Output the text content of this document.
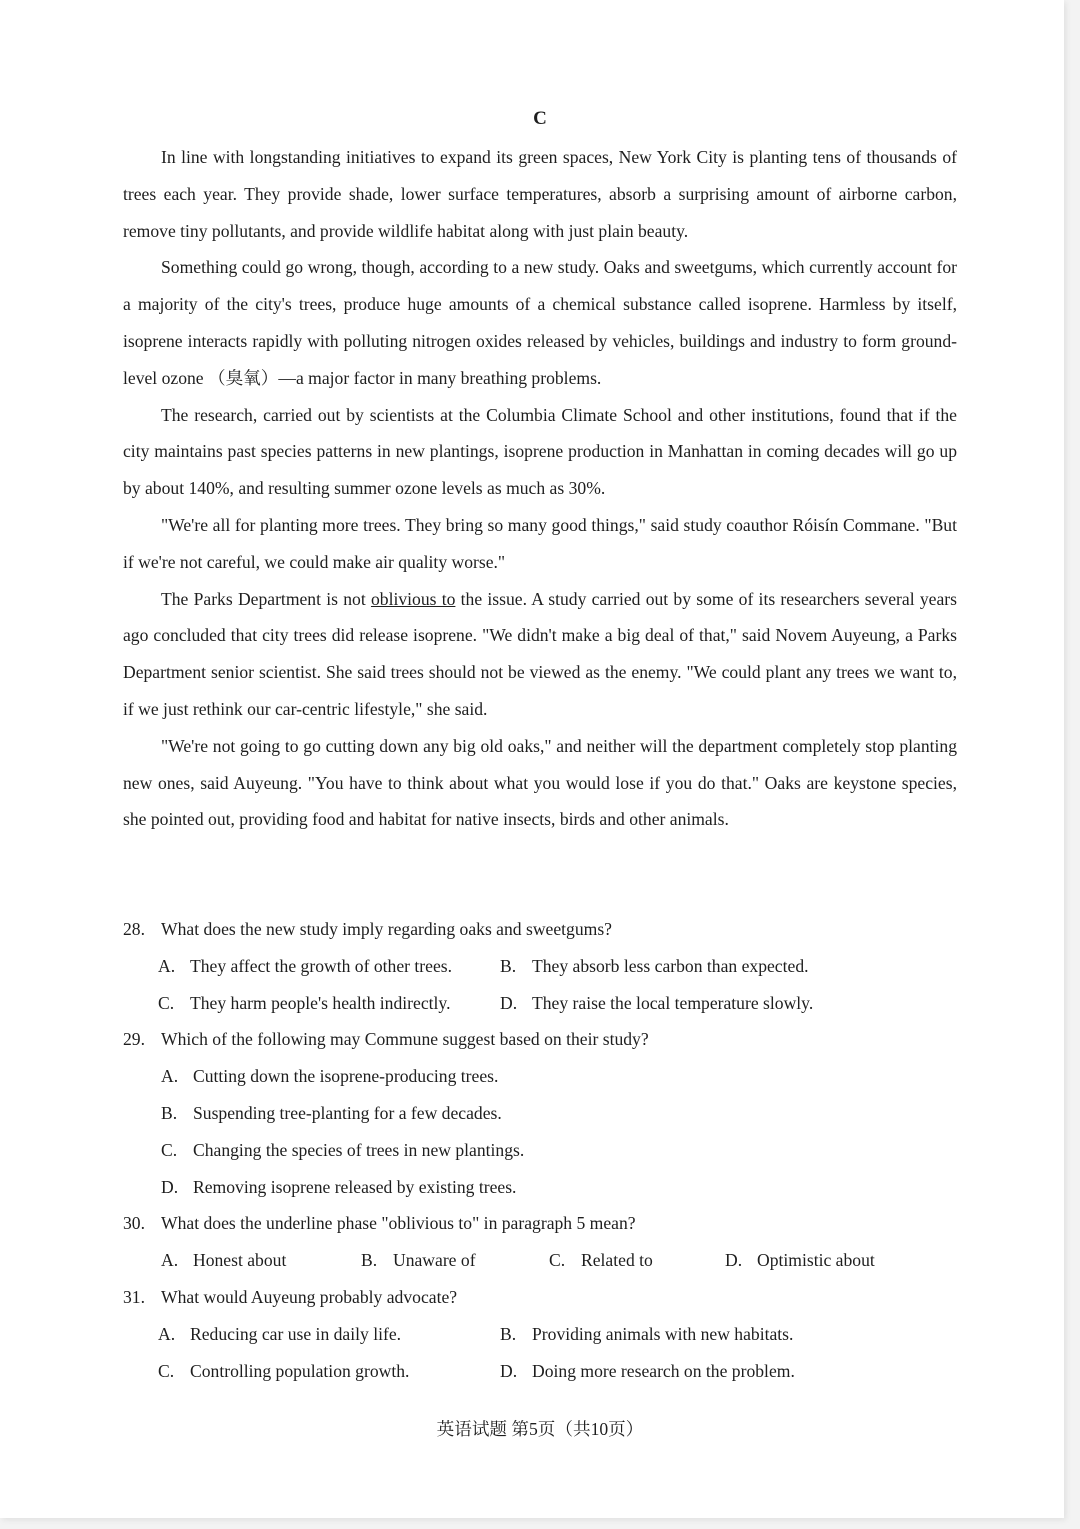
C

In line with longstanding initiatives to expand its green spaces, New York City is planting tens of thousands of trees each year. They provide shade, lower surface temperatures, absorb a surprising amount of airborne carbon, remove tiny pollutants, and provide wildlife habitat along with just plain beauty.

Something could go wrong, though, according to a new study. Oaks and sweetgums, which currently account for a majority of the city's trees, produce huge amounts of a chemical substance called isoprene. Harmless by itself, isoprene interacts rapidly with polluting nitrogen oxides released by vehicles, buildings and industry to form ground-level ozone （臭氧）—a major factor in many breathing problems.

The research, carried out by scientists at the Columbia Climate School and other institutions, found that if the city maintains past species patterns in new plantings, isoprene production in Manhattan in coming decades will go up by about 140%, and resulting summer ozone levels as much as 30%.

"We're all for planting more trees. They bring so many good things," said study coauthor Róisín Commane. "But if we're not careful, we could make air quality worse."

The Parks Department is not oblivious to the issue. A study carried out by some of its researchers several years ago concluded that city trees did release isoprene. "We didn't make a big deal of that," said Novem Auyeung, a Parks Department senior scientist. She said trees should not be viewed as the enemy. "We could plant any trees we want to, if we just rethink our car-centric lifestyle," she said.

"We're not going to go cutting down any big old oaks," and neither will the department completely stop planting new ones, said Auyeung. "You have to think about what you would lose if you do that." Oaks are keystone species, she pointed out, providing food and habitat for native insects, birds and other animals.

28. What does the new study imply regarding oaks and sweetgums?
A. They affect the growth of other trees.	B. They absorb less carbon than expected.
C. They harm people's health indirectly.	D. They raise the local temperature slowly.
29. Which of the following may Commune suggest based on their study?
A. Cutting down the isoprene-producing trees.
B. Suspending tree-planting for a few decades.
C. Changing the species of trees in new plantings.
D. Removing isoprene released by existing trees.
30. What does the underline phase "oblivious to" in paragraph 5 mean?
A. Honest about	B. Unaware of	C. Related to	D. Optimistic about
31. What would Auyeung probably advocate?
A. Reducing car use in daily life.	B. Providing animals with new habitats.
C. Controlling population growth.	D. Doing more research on the problem.
英语试题 第5页（共10页）
